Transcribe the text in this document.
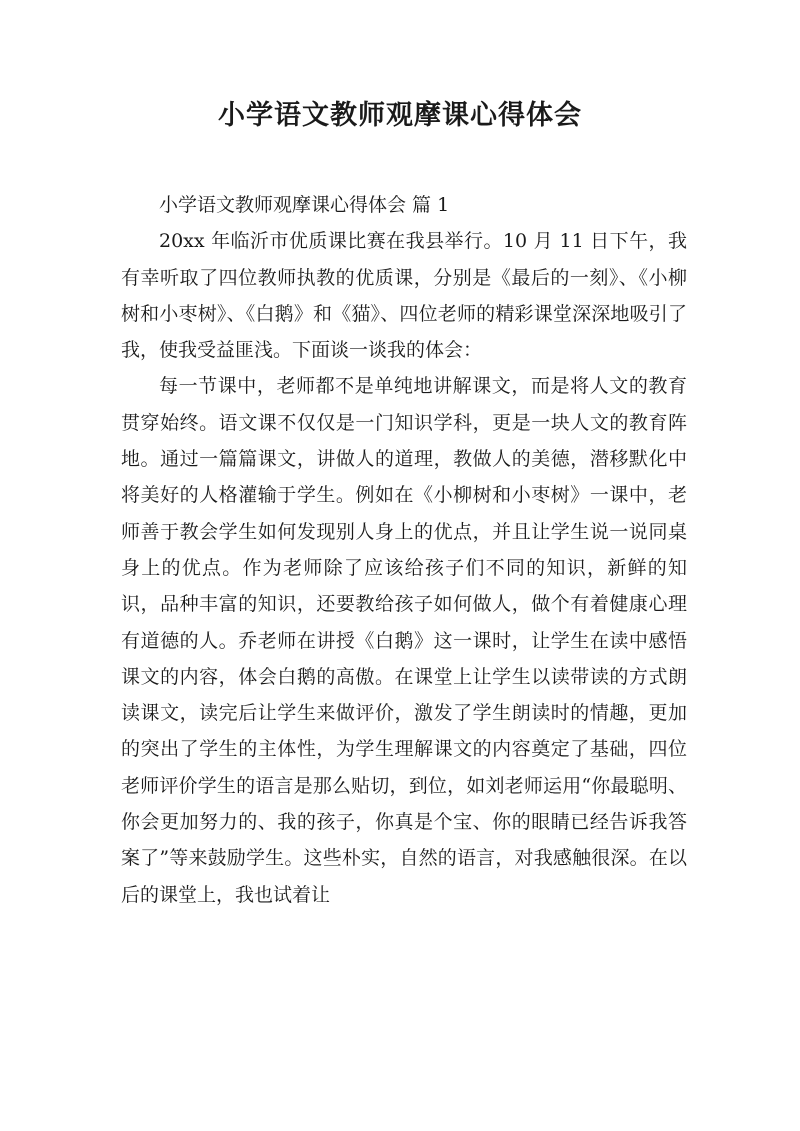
小学语文教师观摩课心得体会

小学语文教师观摩课心得体会 篇 1

20xx 年临沂市优质课比赛在我县举行。10 月 11 日下午，我有幸听取了四位教师执教的优质课，分别是《最后的一刻》、《小柳树和小枣树》、《白鹅》和《猫》、四位老师的精彩课堂深深地吸引了我，使我受益匪浅。下面谈一谈我的体会：

每一节课中，老师都不是单纯地讲解课文，而是将人文的教育贯穿始终。语文课不仅仅是一门知识学科，更是一块人文的教育阵地。通过一篇篇课文，讲做人的道理，教做人的美德，潜移默化中将美好的人格灌输于学生。例如在《小柳树和小枣树》一课中，老师善于教会学生如何发现别人身上的优点，并且让学生说一说同桌身上的优点。作为老师除了应该给孩子们不同的知识，新鲜的知识，品种丰富的知识，还要教给孩子如何做人，做个有着健康心理有道德的人。乔老师在讲授《白鹅》这一课时，让学生在读中感悟课文的内容，体会白鹅的高傲。在课堂上让学生以读带读的方式朗读课文，读完后让学生来做评价，激发了学生朗读时的情趣，更加的突出了学生的主体性，为学生理解课文的内容奠定了基础，四位老师评价学生的语言是那么贴切，到位，如刘老师运用“你最聪明、你会更加努力的、我的孩子，你真是个宝、你的眼睛已经告诉我答案了”等来鼓励学生。这些朴实，自然的语言，对我感触很深。在以后的课堂上，我也试着让
